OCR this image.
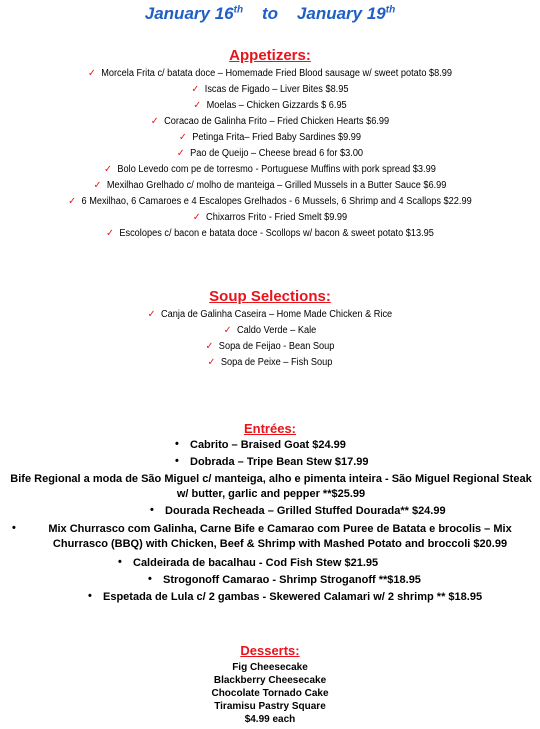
January 16th to January 19th
Appetizers:
✓ Morcela Frita c/ batata doce – Homemade Fried Blood sausage w/ sweet potato $8.99
✓ Iscas de Figado – Liver Bites $8.95
✓ Moelas – Chicken Gizzards $ 6.95
✓ Coracao de Galinha Frito – Fried Chicken Hearts $6.99
✓ Petinga Frita– Fried Baby Sardines $9.99
✓ Pao de Queijo – Cheese bread 6 for $3.00
✓ Bolo Levedo com pe de torresmo - Portuguese Muffins with pork spread $3.99
✓ Mexilhao Grelhado c/ molho de manteiga – Grilled Mussels in a Butter Sauce $6.99
✓ 6 Mexilhao, 6 Camaroes e 4 Escalopes Grelhados - 6 Mussels, 6 Shrimp and 4 Scallops $22.99
✓ Chixarros Frito - Fried Smelt $9.99
✓ Escolopes c/ bacon e batata doce - Scollops w/ bacon & sweet potato $13.95
Soup Selections:
✓ Canja de Galinha Caseira – Home Made Chicken & Rice
✓ Caldo Verde – Kale
✓ Sopa de Feijao - Bean Soup
✓ Sopa de Peixe – Fish Soup
Entrées:
• Cabrito – Braised Goat $24.99
• Dobrada – Tripe Bean Stew $17.99
Bife Regional a moda de São Miguel c/ manteiga, alho e pimenta inteira - São Miguel Regional Steak w/ butter, garlic and pepper **$25.99
• Dourada Recheada – Grilled Stuffed Dourada** $24.99
•	Mix Churrasco com Galinha, Carne Bife e Camarao com Puree de Batata e brocolis – Mix Churrasco (BBQ) with Chicken, Beef & Shrimp with Mashed Potato and broccoli $20.99
• Caldeirada de bacalhau - Cod Fish Stew $21.95
• Strogonoff Camarao - Shrimp Stroganoff **$18.95
• Espetada de Lula c/ 2 gambas - Skewered Calamari w/ 2 shrimp ** $18.95
Desserts:
Fig Cheesecake
Blackberry Cheesecake
Chocolate Tornado Cake
Tiramisu Pastry Square
$4.99 each
